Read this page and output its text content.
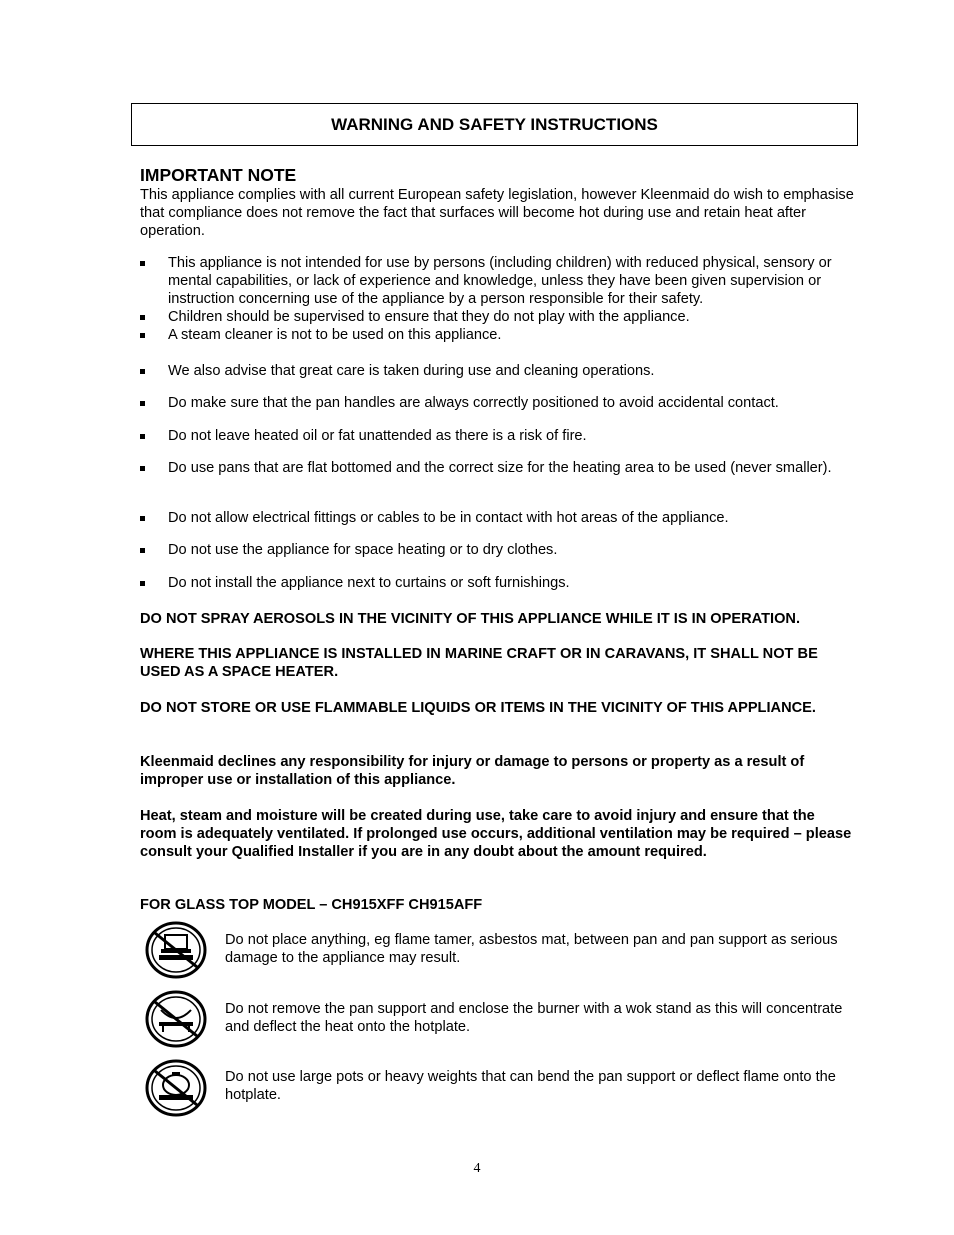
WARNING AND SAFETY INSTRUCTIONS
IMPORTANT NOTE
This appliance complies with all current European safety legislation, however Kleenmaid do wish to emphasise that compliance does not remove the fact that surfaces will become hot during use and retain heat after operation.
This appliance is not intended for use by persons (including children) with reduced physical, sensory or mental capabilities, or lack of experience and knowledge, unless they have been given supervision or instruction concerning use of the appliance by a person responsible for their safety.
Children should be supervised to ensure that they do not play with the appliance.
A steam cleaner is not to be used on this appliance.
We also advise that great care is taken during use and cleaning operations.
Do make sure that the pan handles are always correctly positioned to avoid accidental contact.
Do not leave heated oil or fat unattended as there is a risk of fire.
Do use pans that are flat bottomed and the correct size for the heating area to be used (never smaller).
Do not allow electrical fittings or cables to be in contact with hot areas of the appliance.
Do not use the appliance for space heating or to dry clothes.
Do not install the appliance next to curtains or soft furnishings.
DO NOT SPRAY AEROSOLS IN THE VICINITY OF THIS APPLIANCE WHILE IT IS IN OPERATION.
WHERE THIS APPLIANCE IS INSTALLED IN MARINE CRAFT OR IN CARAVANS, IT SHALL NOT BE USED AS A SPACE HEATER.
DO NOT STORE OR USE FLAMMABLE LIQUIDS OR ITEMS IN THE VICINITY OF THIS APPLIANCE.
Kleenmaid declines any responsibility for injury or damage to persons or property as a result of improper use or installation of this appliance.
Heat, steam and moisture will be created during use, take care to avoid injury and ensure that the room is adequately ventilated. If prolonged use occurs, additional ventilation may be required – please consult your Qualified Installer if you are in any doubt about the amount required.
FOR GLASS TOP MODEL – CH915XFF CH915AFF
Do not place anything, eg flame tamer, asbestos mat, between pan and pan support as serious damage to the appliance may result.
Do not remove the pan support and enclose the burner with a wok stand as this will concentrate and deflect the heat onto the hotplate.
Do not use large pots or heavy weights that can bend the pan support or deflect flame onto the hotplate.
4
